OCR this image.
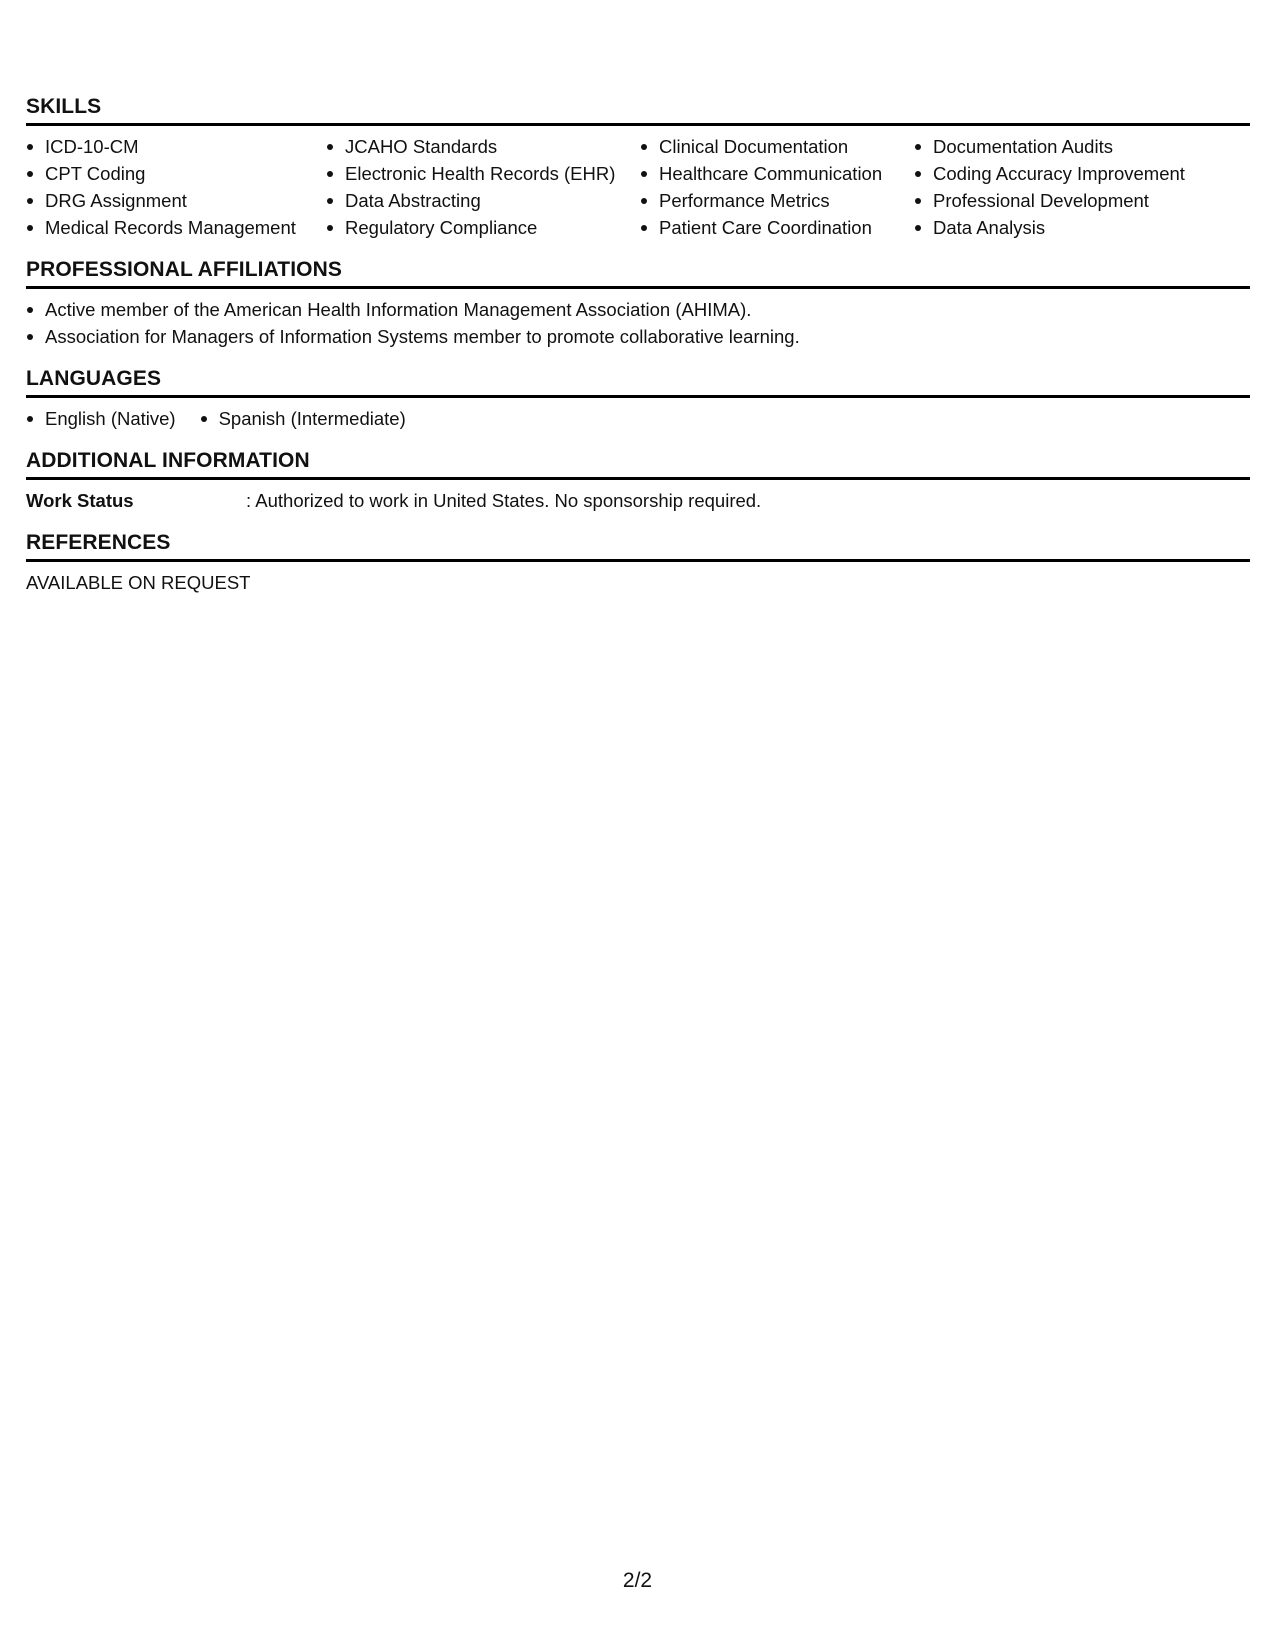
SKILLS
ICD-10-CM
CPT Coding
DRG Assignment
Medical Records Management
JCAHO Standards
Electronic Health Records (EHR)
Data Abstracting
Regulatory Compliance
Clinical Documentation
Healthcare Communication
Performance Metrics
Patient Care Coordination
Documentation Audits
Coding Accuracy Improvement
Professional Development
Data Analysis
PROFESSIONAL AFFILIATIONS
Active member of the American Health Information Management Association (AHIMA).
Association for Managers of Information Systems member to promote collaborative learning.
LANGUAGES
English (Native)	Spanish (Intermediate)
ADDITIONAL INFORMATION
Work Status	: Authorized to work in United States. No sponsorship required.
REFERENCES
AVAILABLE ON REQUEST
2/2
